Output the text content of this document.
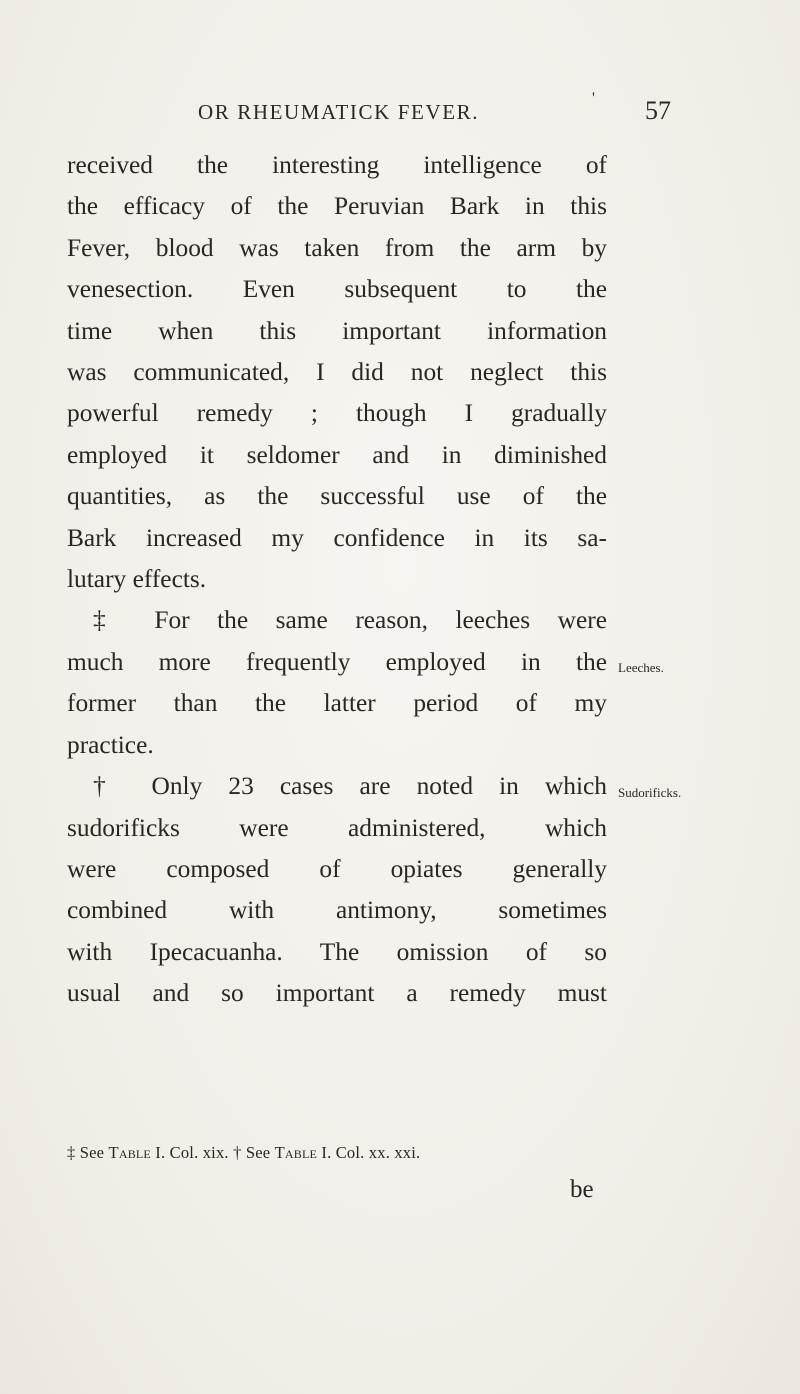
OR RHEUMATICK FEVER.
' 57
received the interesting intelligence of
the efficacy of the Peruvian Bark in this
Fever, blood was taken from the arm by
venesection. Even subsequent to the
time when this important information
was communicated, I did not neglect this
powerful remedy ; though I gradually
employed it seldomer and in diminished
quantities, as the successful use of the
Bark increased my confidence in its sa-
lutary effects.
‡ For the same reason, leeches were
much more frequently employed in the
former than the latter period of my
practice.
† Only 23 cases are noted in which
sudorificks were administered, which
were composed of opiates generally
combined with antimony, sometimes
with Ipecacuanha. The omission of so
usual and so important a remedy must
Leeches.
Sudorificks.
‡ See Table I. Col. xix. † See Table I. Col. xx. xxi.
be
